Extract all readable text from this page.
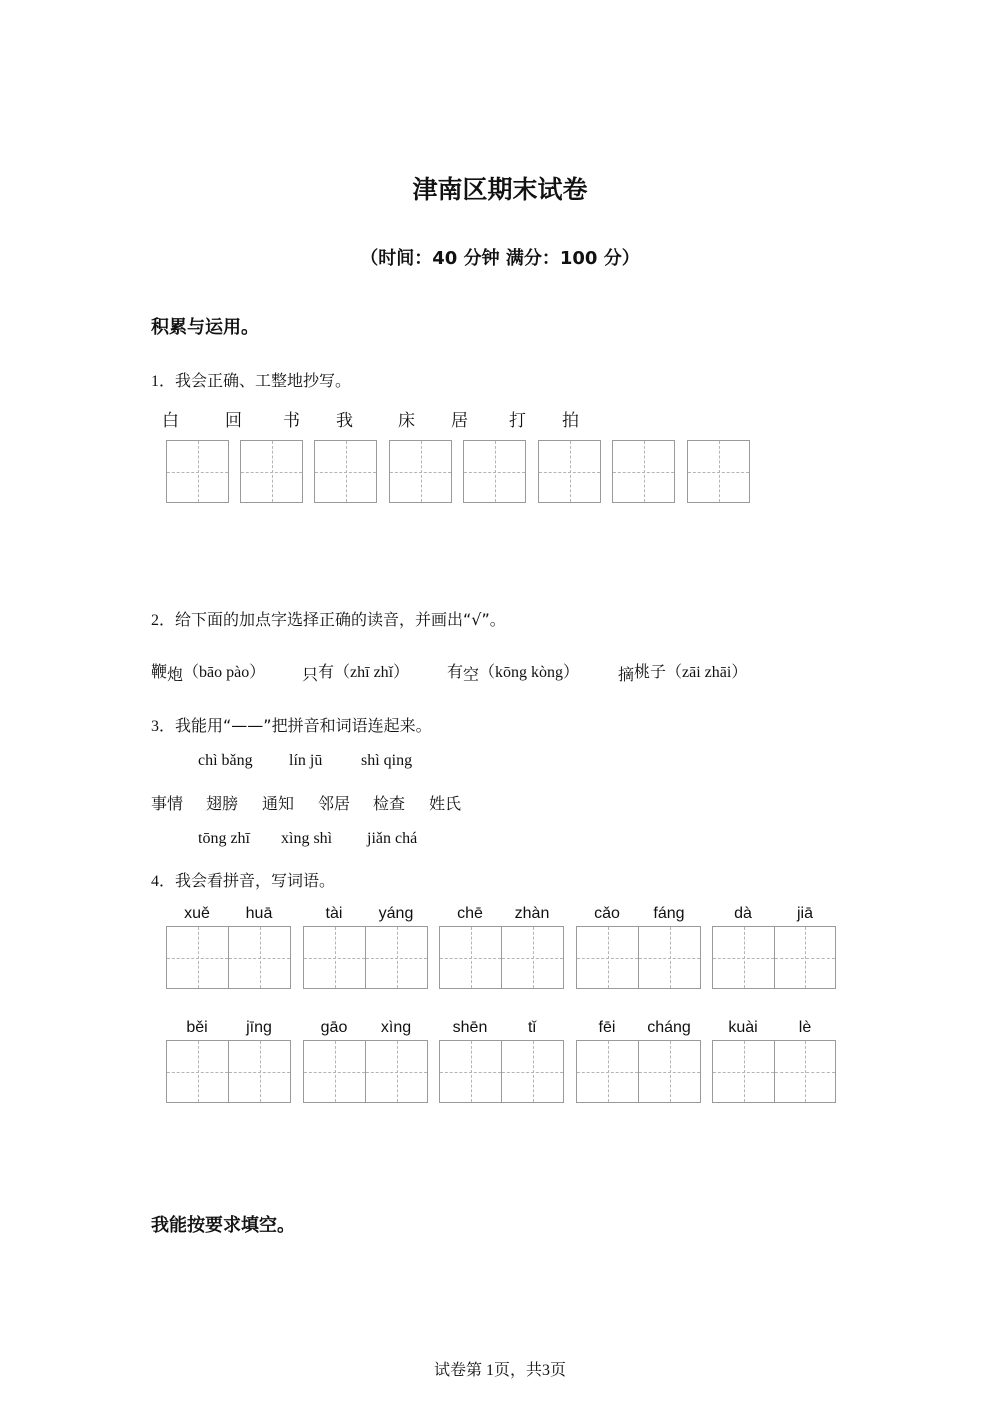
津南区期末试卷
（时间：40 分钟 满分：100 分）
积累与运用。
1．我会正确、工整地抄写。
白	回 书 我	床 居 打 拍
2．给下面的加点字选择正确的读音，并画出“√”。
鞭炮（bāo pào） 只有（zhī zhǐ） 有空（kōng kòng） 摘桃子（zāi zhāi）
3．我能用“——”把拼音和词语连起来。
chì bǎng lín jū shì qing
事情 翅膀 通知 邻居 检查 姓氏
tōng zhī xìng shì jiǎn chá
4．我会看拼音，写词语。
xuě	huā	tài	yáng	chē	zhàn	cǎo	fáng	dà	jiā
běi	jīng	gāo	xìng	shēn	tǐ	fēi	cháng	kuài	lè
我能按要求填空。
试卷第 1页，共3页
